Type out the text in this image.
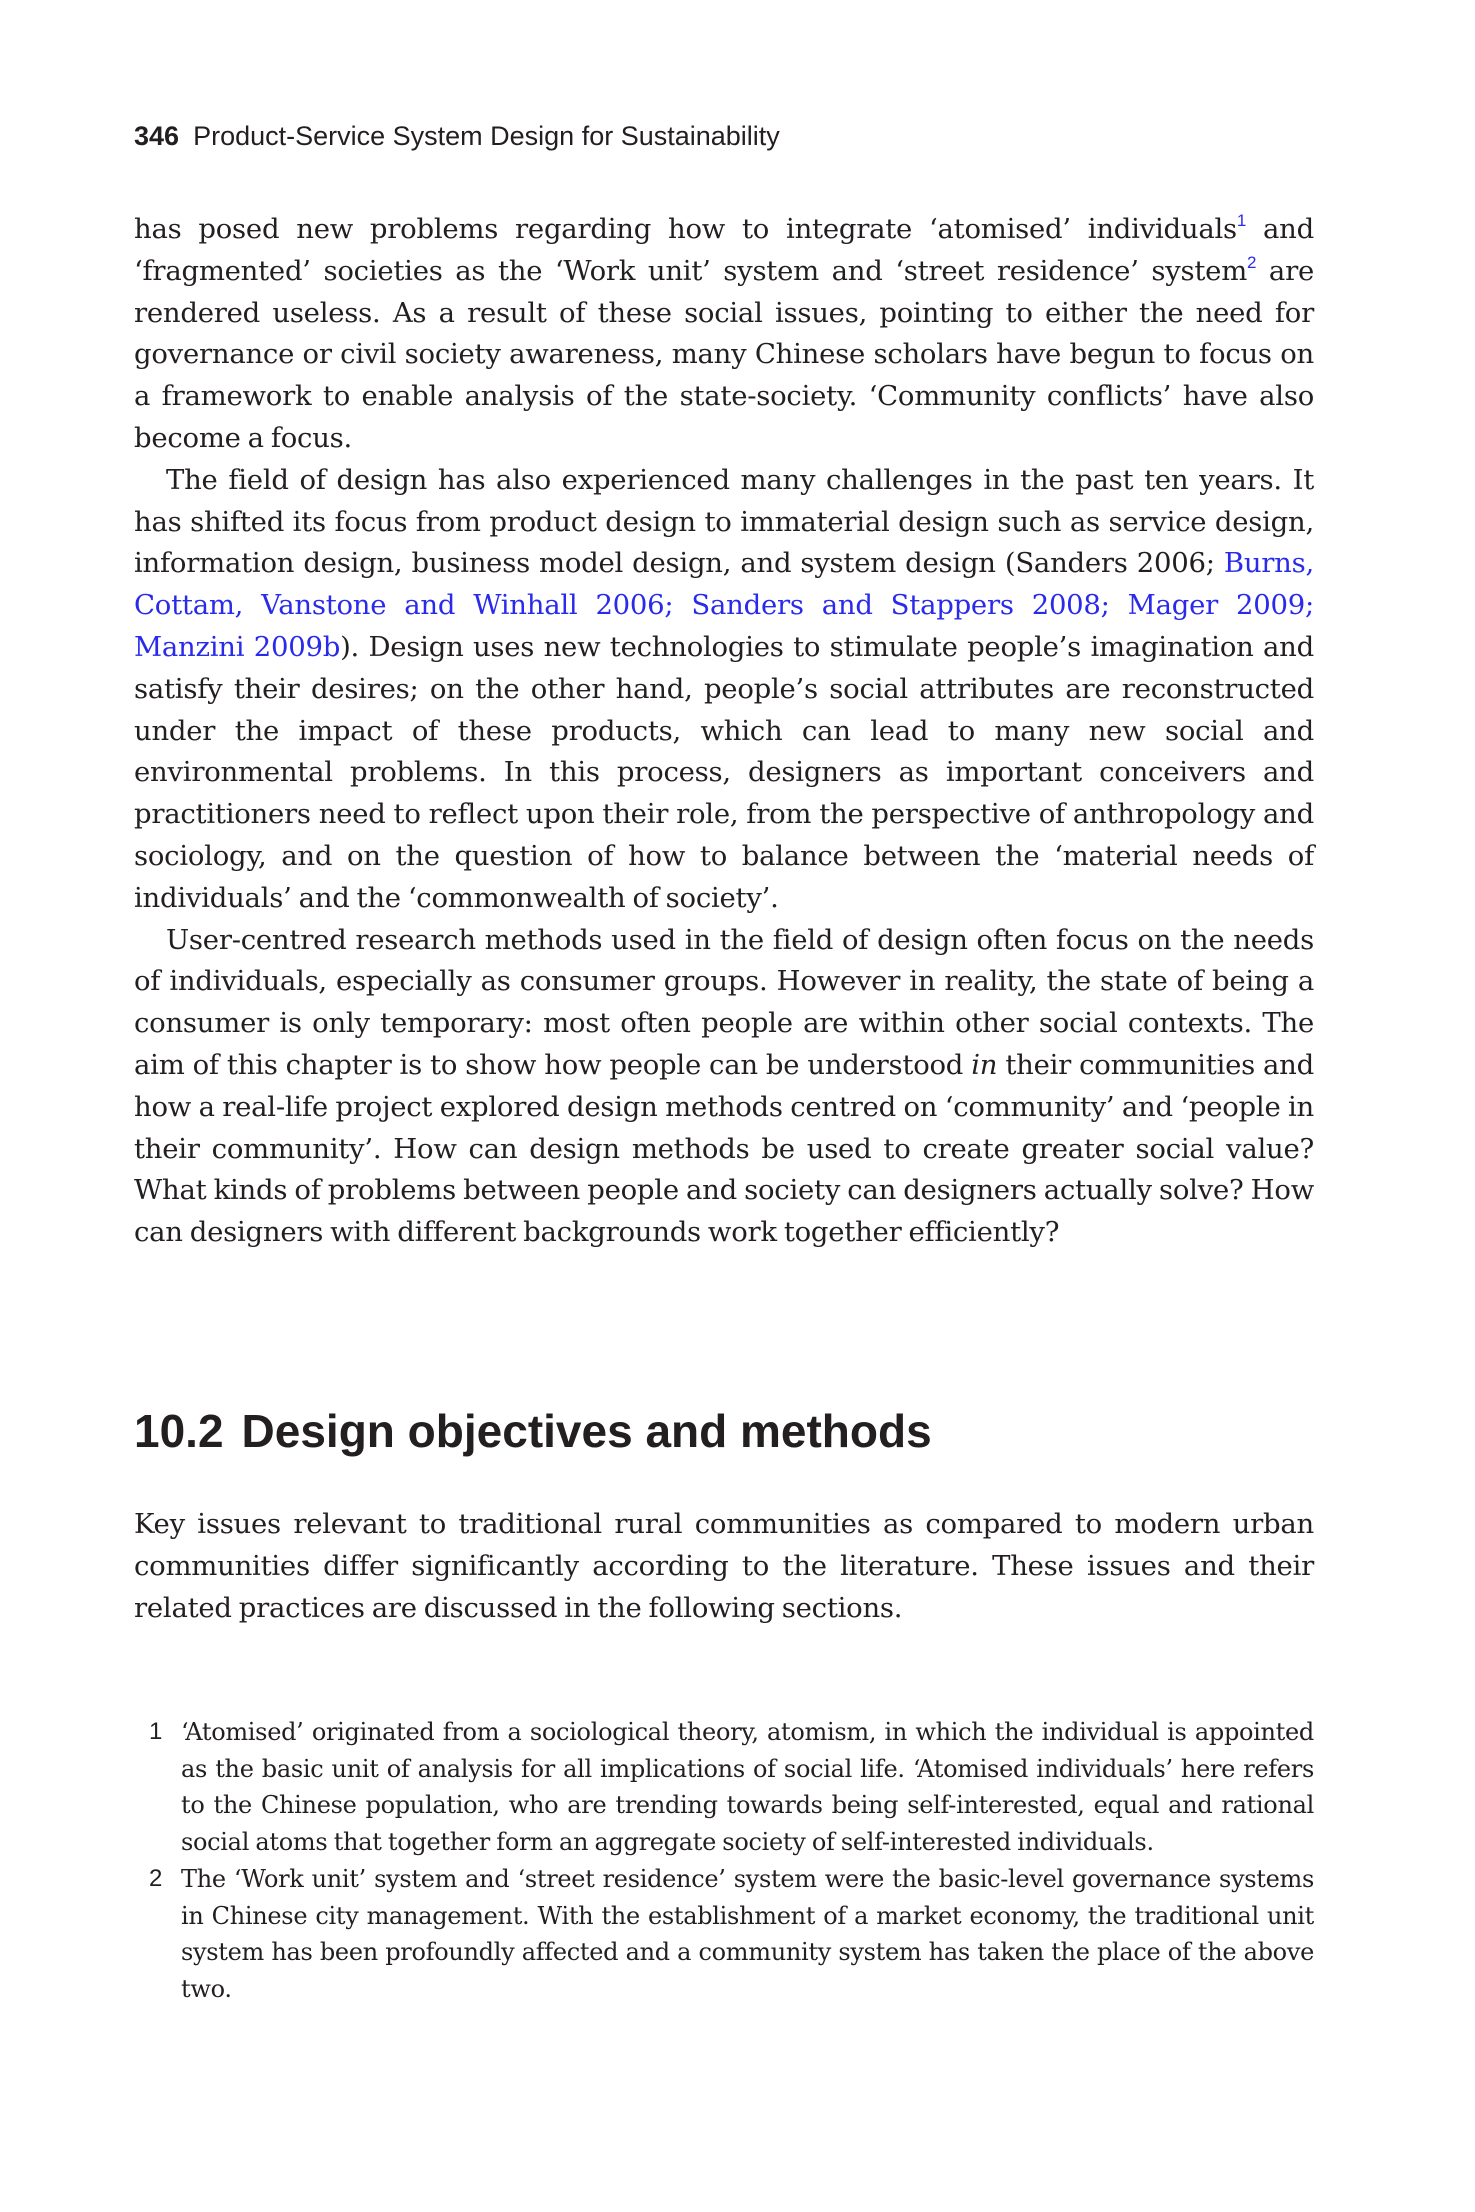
346 Product-Service System Design for Sustainability

has posed new problems regarding how to integrate ‘atomised’ individuals$^1$ and ‘fragmented’ societies as the ‘Work unit’ system and ‘street residence’ system$^2$ are rendered useless. As a result of these social issues, pointing to either the need for governance or civil society awareness, many Chinese scholars have begun to focus on a framework to enable analysis of the state-society. ‘Community conflicts’ have also become a focus.

The field of design has also experienced many challenges in the past ten years. It has shifted its focus from product design to immaterial design such as service design, information design, business model design, and system design (Sanders 2006; Burns, Cottam, Vanstone and Winhall 2006; Sanders and Stappers 2008; Mager 2009; Manzini 2009b). Design uses new technologies to stimulate people’s imagination and satisfy their desires; on the other hand, people’s social attributes are reconstructed under the impact of these products, which can lead to many new social and environmental problems. In this process, designers as important conceivers and practitioners need to reflect upon their role, from the perspective of anthropology and sociology, and on the question of how to balance between the ‘material needs of individuals’ and the ‘commonwealth of society’.

User-centred research methods used in the field of design often focus on the needs of individuals, especially as consumer groups. However in reality, the state of being a consumer is only temporary: most often people are within other social contexts. The aim of this chapter is to show how people can be understood in their communities and how a real-life project explored design methods centred on ‘community’ and ‘people in their community’. How can design methods be used to create greater social value? What kinds of problems between people and society can designers actually solve? How can designers with different backgrounds work together efficiently?

10.2 Design objectives and methods

Key issues relevant to traditional rural communities as compared to modern urban communities differ significantly according to the literature. These issues and their related practices are discussed in the following sections.

1 ‘Atomised’ originated from a sociological theory, atomism, in which the individual is appointed as the basic unit of analysis for all implications of social life. ‘Atomised individuals’ here refers to the Chinese population, who are trending towards being self-interested, equal and rational social atoms that together form an aggregate society of self-interested individuals.
2 The ‘Work unit’ system and ‘street residence’ system were the basic-level governance systems in Chinese city management. With the establishment of a market economy, the traditional unit system has been profoundly affected and a community system has taken the place of the above two.
